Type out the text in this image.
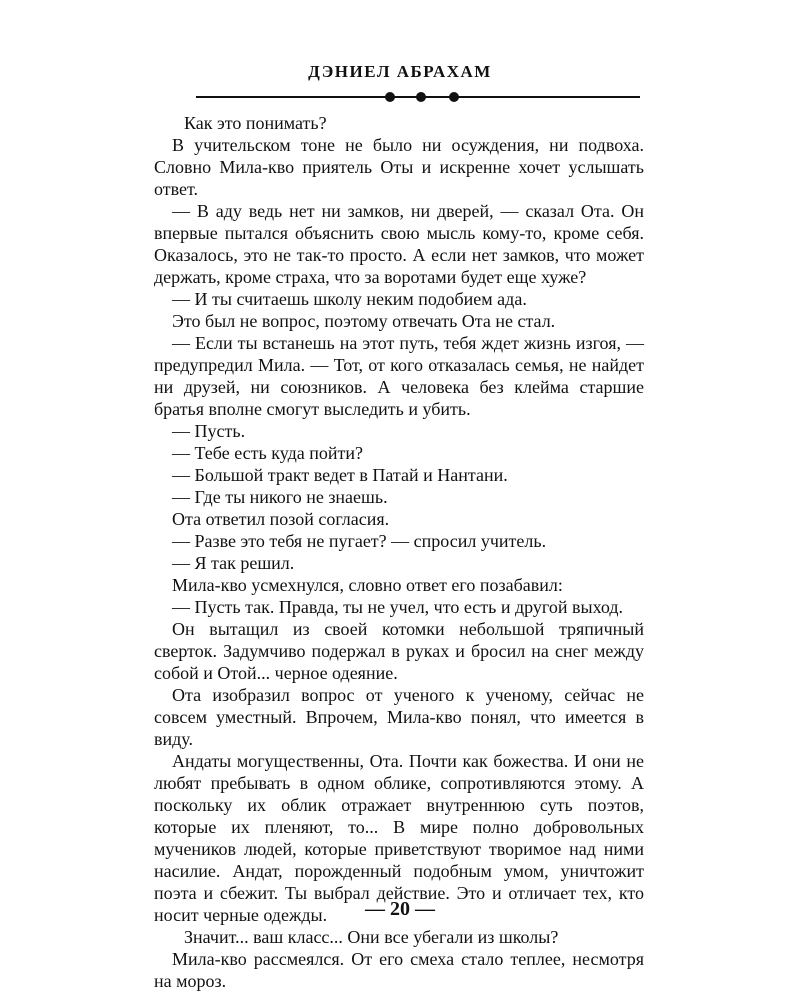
ДЭНИЕЛ АБРАХАМ

Как это понимать?

В учительском тоне не было ни осуждения, ни подвоха. Словно Мила-кво приятель Оты и искренне хочет услышать ответ.

— В аду ведь нет ни замков, ни дверей, — сказал Ота. Он впервые пытался объяснить свою мысль кому-то, кроме себя. Оказалось, это не так-то просто. А если нет замков, что может держать, кроме страха, что за воротами будет еще хуже?

— И ты считаешь школу неким подобием ада.

Это был не вопрос, поэтому отвечать Ота не стал.

— Если ты встанешь на этот путь, тебя ждет жизнь изгоя, — предупредил Мила. — Тот, от кого отказалась семья, не найдет ни друзей, ни союзников. А человека без клейма старшие братья вполне смогут выследить и убить.

— Пусть.

— Тебе есть куда пойти?

— Большой тракт ведет в Патай и Нантани.

— Где ты никого не знаешь.

Ота ответил позой согласия.

— Разве это тебя не пугает? — спросил учитель.

— Я так решил.

Мила-кво усмехнулся, словно ответ его позабавил:

— Пусть так. Правда, ты не учел, что есть и другой выход.

Он вытащил из своей котомки небольшой тряпичный сверток. Задумчиво подержал в руках и бросил на снег между собой и Отой... черное одеяние.

Ота изобразил вопрос от ученого к ученому, сейчас не совсем уместный. Впрочем, Мила-кво понял, что имеется в виду.

Андаты могущественны, Ота. Почти как божества. И они не любят пребывать в одном облике, сопротивляются этому. А поскольку их облик отражает внутреннюю суть поэтов, которые их пленяют, то... В мире полно добровольных мучеников людей, которые приветствуют творимое над ними насилие. Андат, порожденный подобным умом, уничтожит поэта и сбежит. Ты выбрал действие. Это и отличает тех, кто носит черные одежды.

Значит... ваш класс... Они все убегали из школы?

Мила-кво рассмеялся. От его смеха стало теплее, несмотря на мороз.

— 20 —
